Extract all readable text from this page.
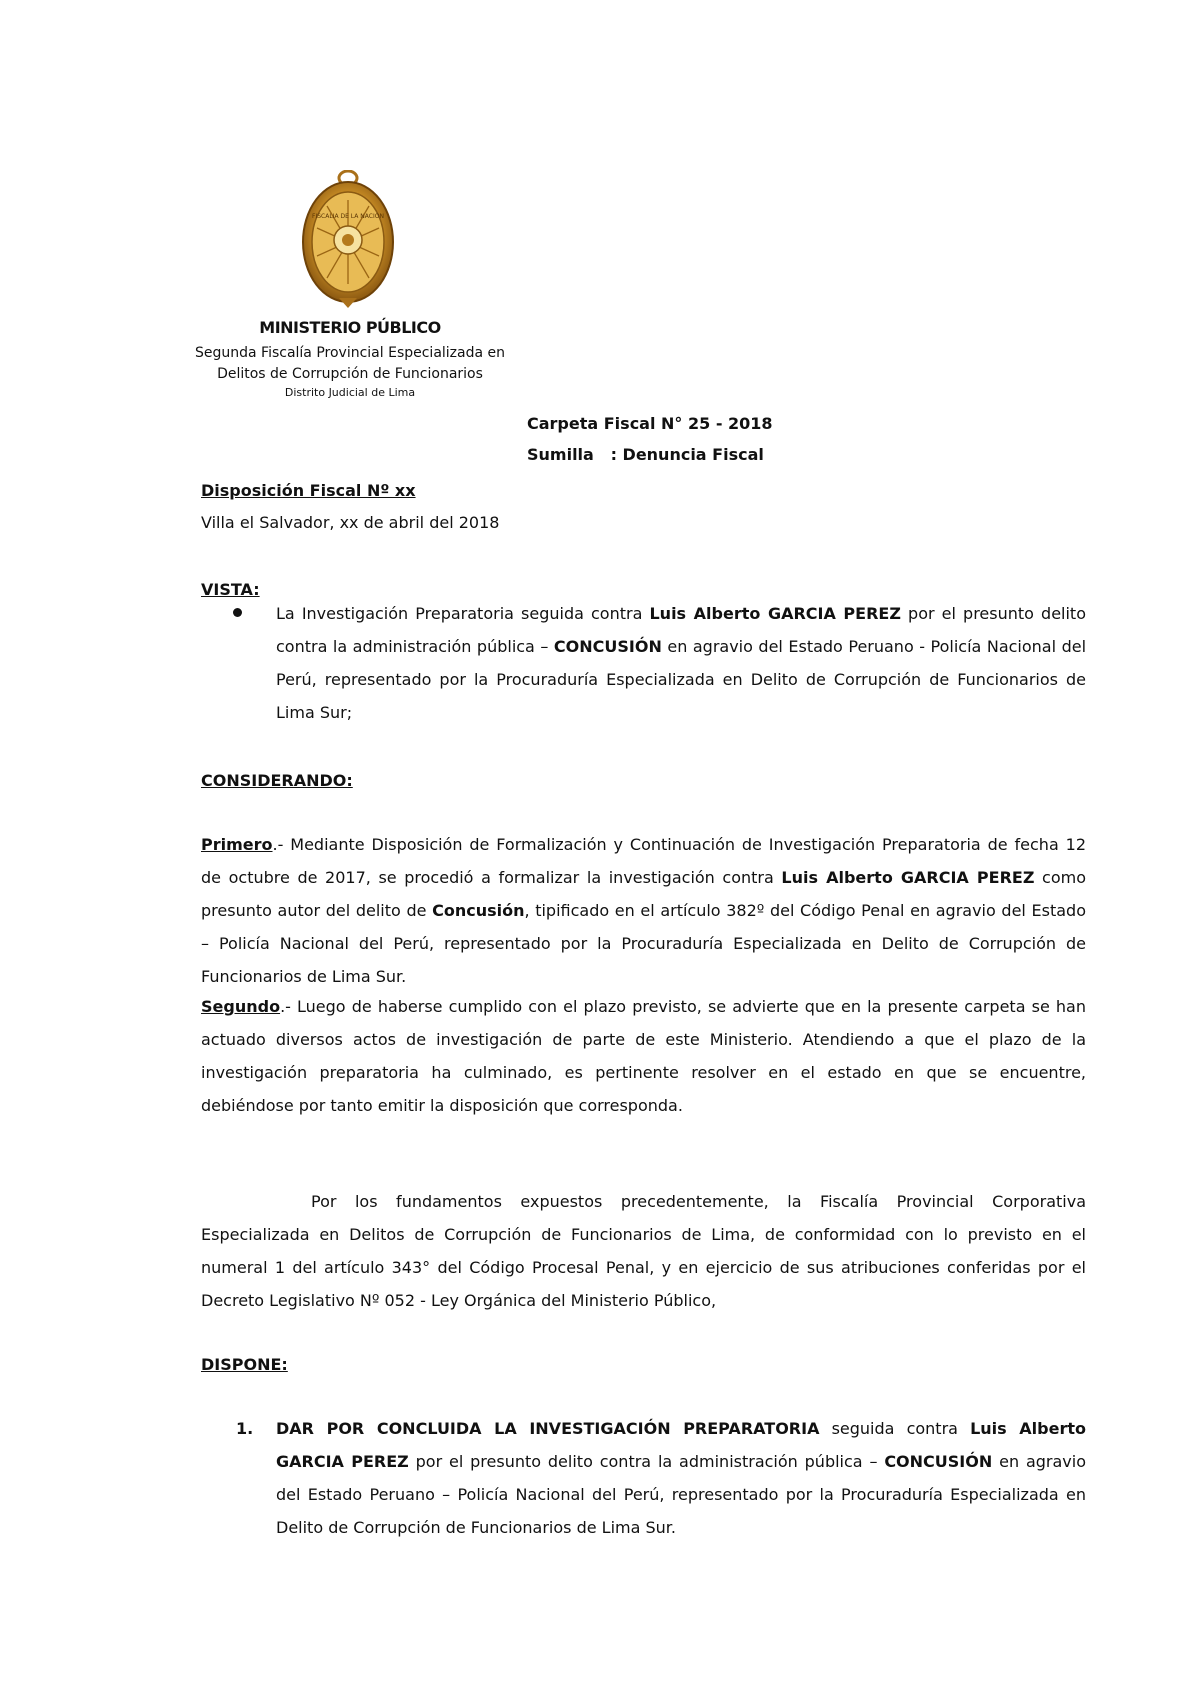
FISCALIA DE LA NACION
MINISTERIO PÚBLICO
Segunda Fiscalía Provincial Especializada en
Delitos de Corrupción de Funcionarios
Distrito Judicial de Lima
Carpeta Fiscal N° 25 - 2018
Sumilla : Denuncia Fiscal
Disposición Fiscal Nº xx
Villa el Salvador, xx de abril del 2018
VISTA:
La Investigación Preparatoria seguida contra Luis Alberto GARCIA PEREZ por el presunto delito contra la administración pública – CONCUSIÓN en agravio del Estado Peruano - Policía Nacional del Perú, representado por la Procuraduría Especializada en Delito de Corrupción de Funcionarios de Lima Sur;
CONSIDERANDO:
Primero.- Mediante Disposición de Formalización y Continuación de Investigación Preparatoria de fecha 12 de octubre de 2017, se procedió a formalizar la investigación contra Luis Alberto GARCIA PEREZ como presunto autor del delito de Concusión, tipificado en el artículo 382º del Código Penal en agravio del Estado – Policía Nacional del Perú, representado por la Procuraduría Especializada en Delito de Corrupción de Funcionarios de Lima Sur.
Segundo.- Luego de haberse cumplido con el plazo previsto, se advierte que en la presente carpeta se han actuado diversos actos de investigación de parte de este Ministerio. Atendiendo a que el plazo de la investigación preparatoria ha culminado, es pertinente resolver en el estado en que se encuentre, debiéndose por tanto emitir la disposición que corresponda.
Por los fundamentos expuestos precedentemente, la Fiscalía Provincial Corporativa Especializada en Delitos de Corrupción de Funcionarios de Lima, de conformidad con lo previsto en el numeral 1 del artículo 343° del Código Procesal Penal, y en ejercicio de sus atribuciones conferidas por el Decreto Legislativo Nº 052 - Ley Orgánica del Ministerio Público,
DISPONE:
1. DAR POR CONCLUIDA LA INVESTIGACIÓN PREPARATORIA seguida contra Luis Alberto GARCIA PEREZ por el presunto delito contra la administración pública – CONCUSIÓN en agravio del Estado Peruano – Policía Nacional del Perú, representado por la Procuraduría Especializada en Delito de Corrupción de Funcionarios de Lima Sur.
